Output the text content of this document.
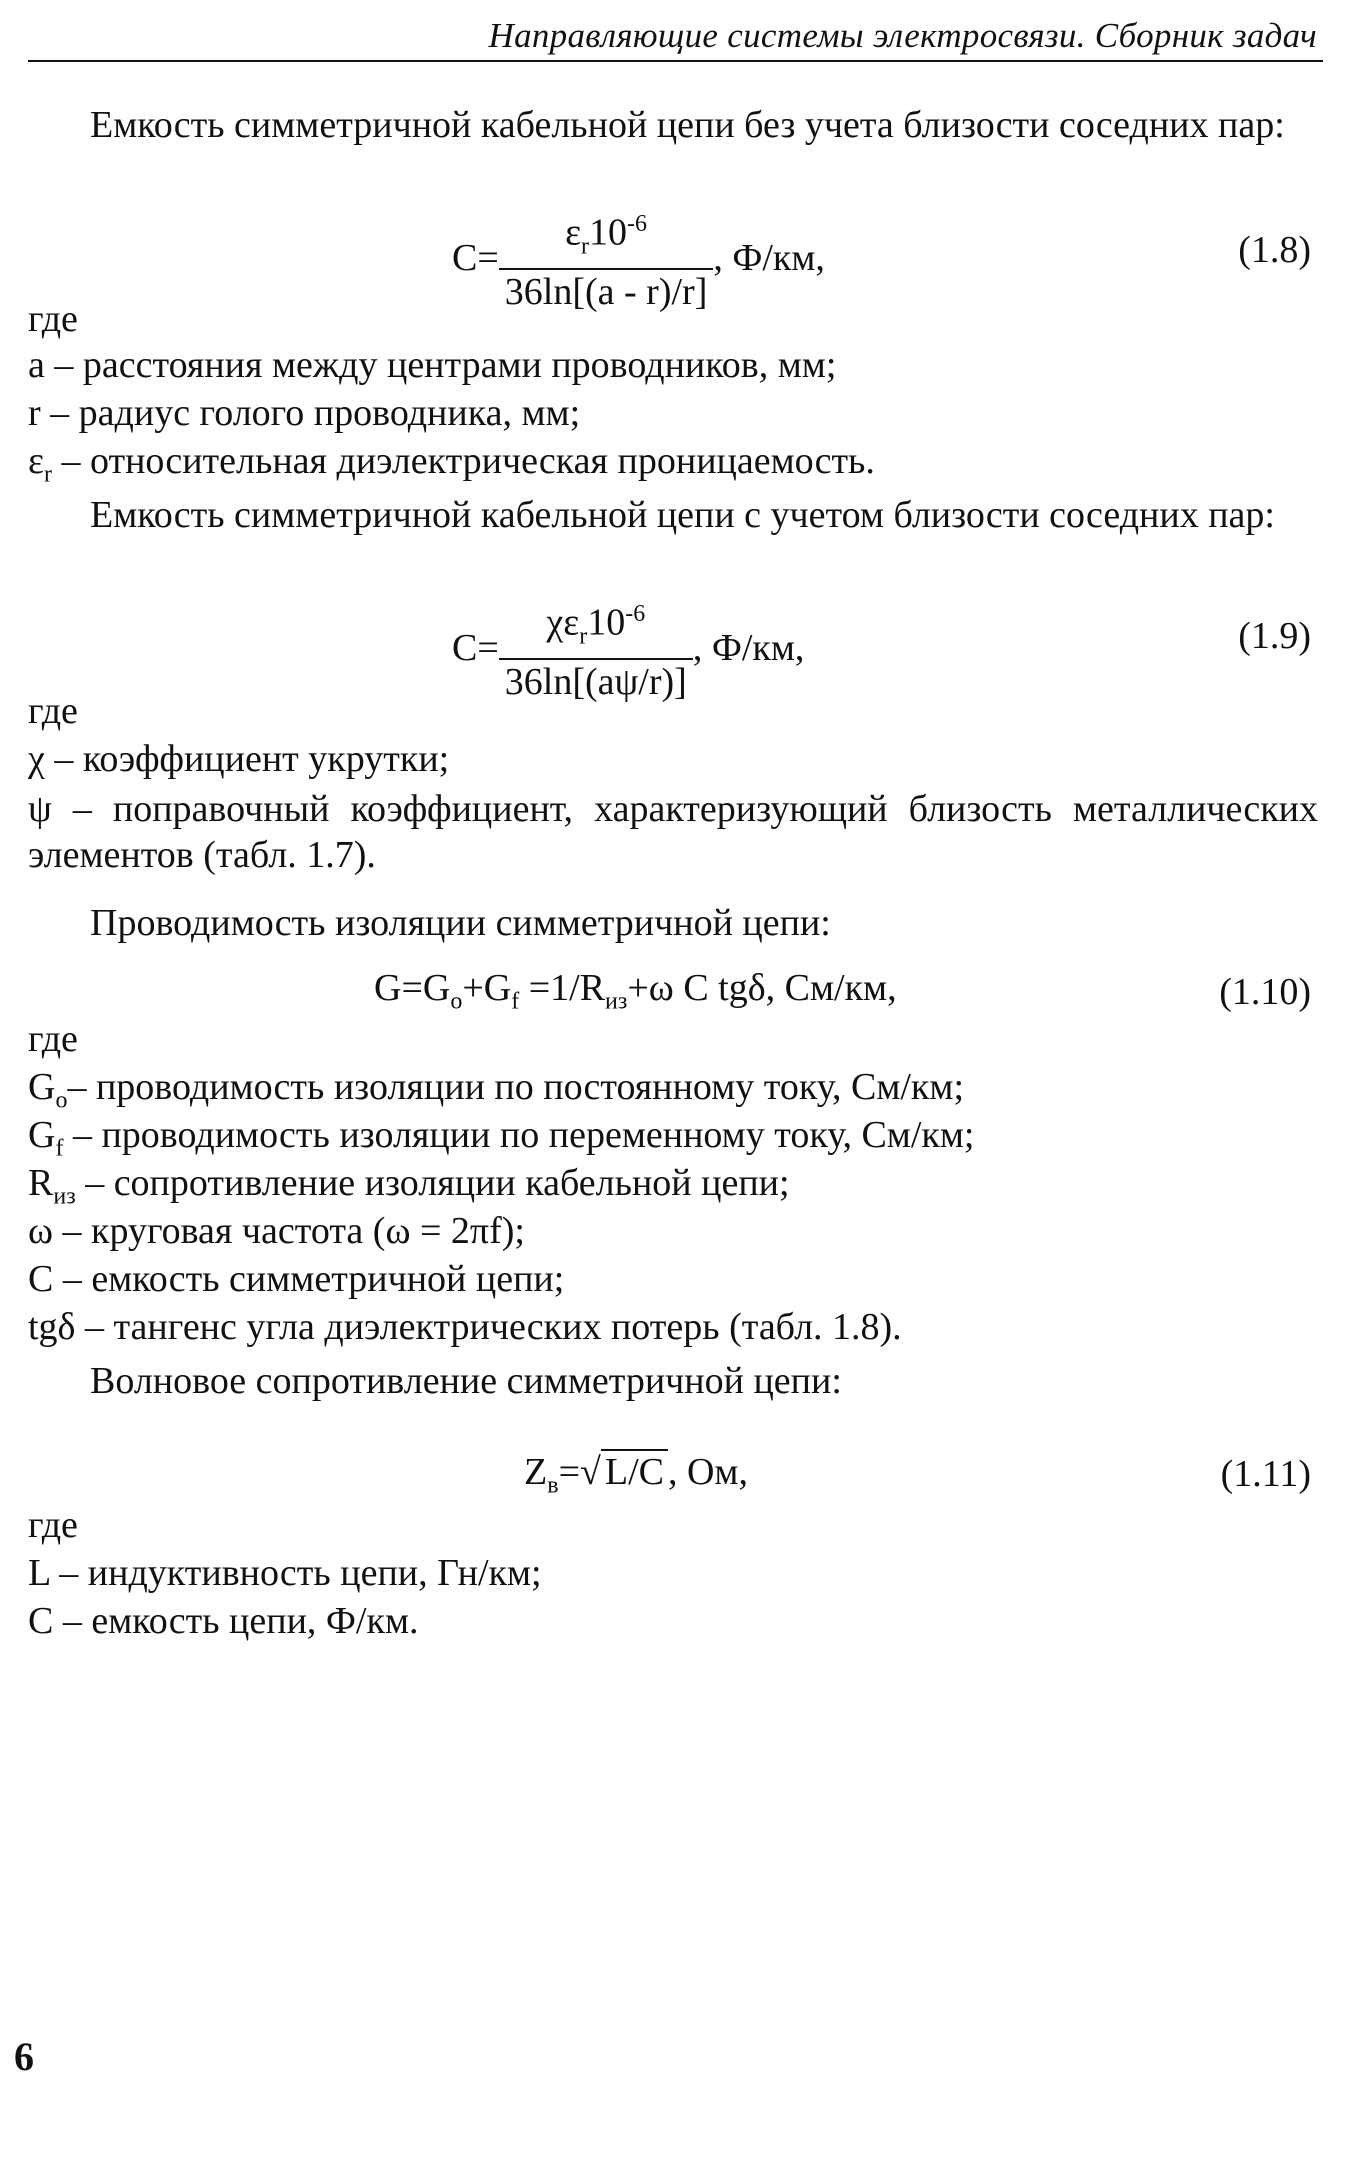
Направляющие системы электросвязи. Сборник задач
Емкость симметричной кабельной цепи без учета близости соседних пар:
$C= \frac{\varepsilon_r10^{-6}}{36\ln[(a - r)/r]}$ , Ф/км,	(1.8)
где
а – расстояния между центрами проводников, мм;
r – радиус голого проводника, мм;
$\varepsilon_r$ – относительная диэлектрическая проницаемость.
Емкость симметричной кабельной цепи с учетом близости соседних пар:
$C= \frac{\chi\varepsilon_r10^{-6}}{36\ln[(a\psi/r)]}$ , Ф/км,	(1.9)
где
χ – коэффициент укрутки;
ψ – поправочный коэффициент, характеризующий близость металлических элементов (табл. 1.7).
Проводимость изоляции симметричной цепи:
$G=G_o+G_f =1/R_{из}+\omega$ C tgδ, См/км,	(1.10)
где
$G_o-$ проводимость изоляции по постоянному току, См/км;
$G_f$ – проводимость изоляции по переменному току, См/км;
$R_{из}$ – сопротивление изоляции кабельной цепи;
ω – круговая частота (ω = 2πf);
С – емкость симметричной цепи;
tgδ – тангенс угла диэлектрических потерь (табл. 1.8).
Волновое сопротивление симметричной цепи:
$Z_в=√$ L/C , Ом,	(1.11)
где
L – индуктивность цепи, Гн/км;
С – емкость цепи, Ф/км.
6
